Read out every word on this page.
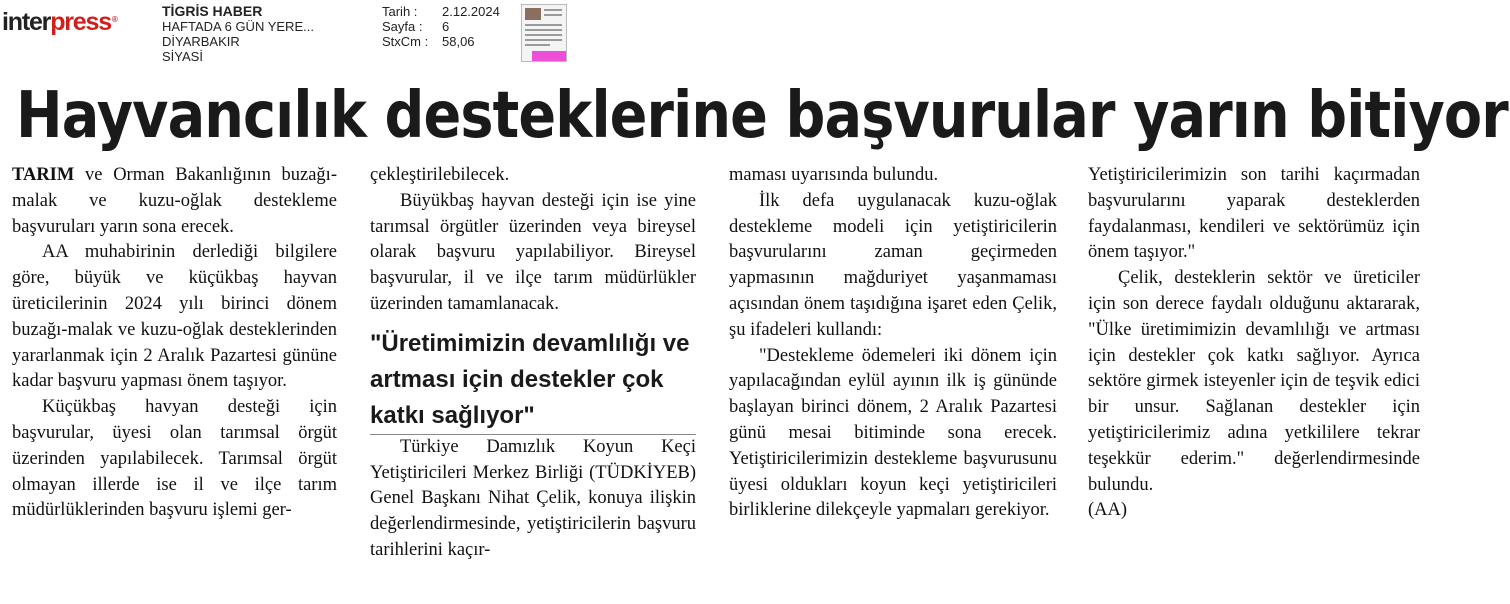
interpress®
TİGRİS HABER
HAFTADA 6 GÜN YERE...
DİYARBAKIR
SİYASİ
Tarih :	2.12.2024
Sayfa :	6
StxCm :	58,06
Hayvancılık desteklerine başvurular yarın bitiyor

TARIM ve Orman Bakanlığının buzağı-malak ve kuzu-oğlak destekleme başvuruları yarın sona erecek.

AA muhabirinin derlediği bilgilere göre, büyük ve küçükbaş hayvan üreticilerinin 2024 yılı birinci dönem buzağı-malak ve kuzu-oğlak desteklerinden yararlanmak için 2 Aralık Pazartesi gününe kadar başvuru yapması önem taşıyor.

Küçükbaş havyan desteği için başvurular, üyesi olan tarımsal örgüt üzerinden yapılabilecek. Tarımsal örgüt olmayan illerde ise il ve ilçe tarım müdürlüklerinden başvuru işlemi ger-

çekleştirilebilecek.

Büyükbaş hayvan desteği için ise yine tarımsal örgütler üzerinden veya bireysel olarak başvuru yapılabiliyor. Bireysel başvurular, il ve ilçe tarım müdürlükler üzerinden tamamlanacak.

"Üretimimizin devamlılığı ve artması için destekler çok katkı sağlıyor"

Türkiye Damızlık Koyun Keçi Yetiştiricileri Merkez Birliği (TÜDKİYEB) Genel Başkanı Nihat Çelik, konuya ilişkin değerlendirmesinde, yetiştiricilerin başvuru tarihlerini kaçır-

maması uyarısında bulundu.

İlk defa uygulanacak kuzu-oğlak destekleme modeli için yetiştiricilerin başvurularını zaman geçirmeden yapmasının mağduriyet yaşanmaması açısından önem taşıdığına işaret eden Çelik, şu ifadeleri kullandı:

"Destekleme ödemeleri iki dönem için yapılacağından eylül ayının ilk iş gününde başlayan birinci dönem, 2 Aralık Pazartesi günü mesai bitiminde sona erecek. Yetiştiricilerimizin destekleme başvurusunu üyesi oldukları koyun keçi yetiştiricileri birliklerine dilekçeyle yapmaları gerekiyor.

Yetiştiricilerimizin son tarihi kaçırmadan başvurularını yaparak desteklerden faydalanması, kendileri ve sektörümüz için önem taşıyor."

Çelik, desteklerin sektör ve üreticiler için son derece faydalı olduğunu aktararak, "Ülke üretimimizin devamlılığı ve artması için destekler çok katkı sağlıyor. Ayrıca sektöre girmek isteyenler için de teşvik edici bir unsur. Sağlanan destekler için yetiştiricilerimiz adına yetkililere tekrar teşekkür ederim." değerlendirmesinde bulundu.

(AA)
